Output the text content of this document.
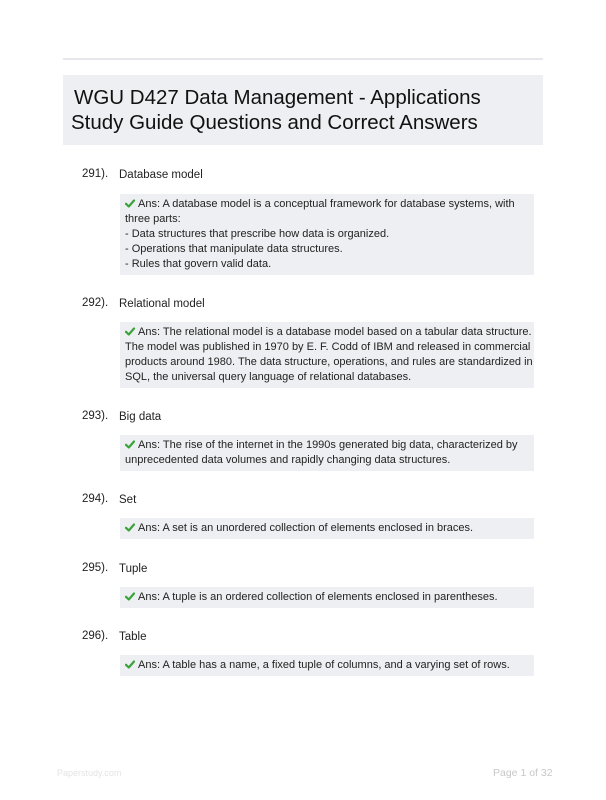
WGU D427 Data Management - Applications
Study Guide Questions and Correct Answers
291). Database model
Ans: A database model is a conceptual framework for database systems, with
three parts:
- Data structures that prescribe how data is organized.
- Operations that manipulate data structures.
- Rules that govern valid data.
292). Relational model
Ans: The relational model is a database model based on a tabular data structure.
The model was published in 1970 by E. F. Codd of IBM and released in commercial
products around 1980. The data structure, operations, and rules are standardized in
SQL, the universal query language of relational databases.
293). Big data
Ans: The rise of the internet in the 1990s generated big data, characterized by
unprecedented data volumes and rapidly changing data structures.
294). Set
Ans: A set is an unordered collection of elements enclosed in braces.
295). Tuple
Ans: A tuple is an ordered collection of elements enclosed in parentheses.
296). Table
Ans: A table has a name, a fixed tuple of columns, and a varying set of rows.
Paperstudy.com	Page 1 of 32
